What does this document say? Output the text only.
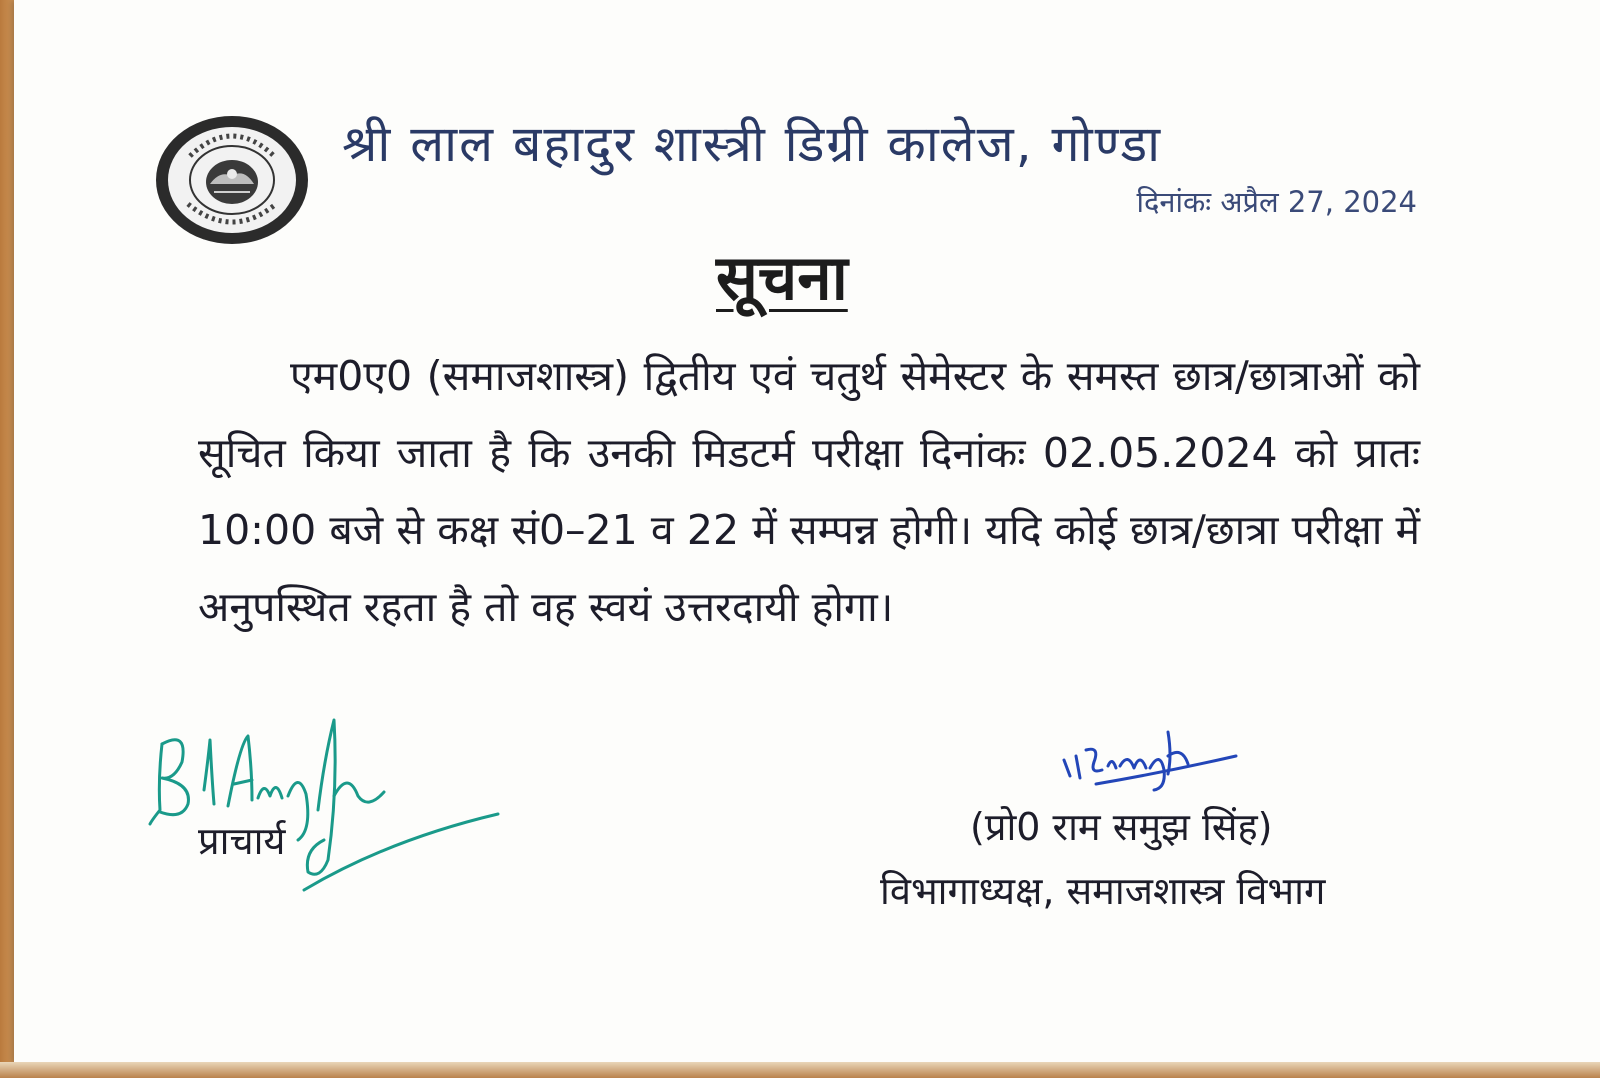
श्री लाल बहादुर शास्त्री डिग्री कालेज, गोण्डा
दिनांकः अप्रैल 27, 2024
सूचना
एम0ए0 (समाजशास्त्र) द्वितीय एवं चतुर्थ सेमेस्टर के समस्त छात्र/छात्राओं को सूचित किया जाता है कि उनकी मिडटर्म परीक्षा दिनांकः 02.05.2024 को प्रातः 10:00 बजे से कक्ष सं0–21 व 22 में सम्पन्न होगी। यदि कोई छात्र/छात्रा परीक्षा में अनुपस्थित रहता है तो वह स्वयं उत्तरदायी होगा।
प्राचार्य	(प्रो0 राम समुझ सिंह)
विभागाध्यक्ष, समाजशास्त्र विभाग
